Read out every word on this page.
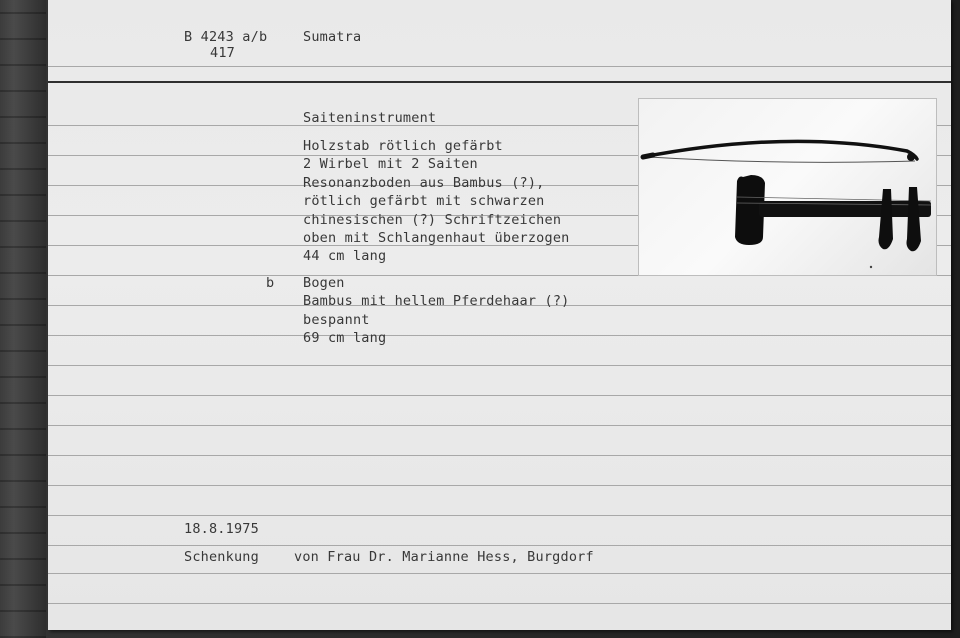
B 4243 a/b
417
Sumatra
Saiteninstrument
Holzstab rötlich gefärbt
2 Wirbel mit 2 Saiten
Resonanzboden aus Bambus (?),
rötlich gefärbt mit schwarzen
chinesischen (?) Schriftzeichen
oben mit Schlangenhaut überzogen
44 cm lang
b Bogen
Bambus mit hellem Pferdehaar (?)
bespannt
69 cm lang
18.8.1975
Schenkung	von Frau Dr. Marianne Hess, Burgdorf
